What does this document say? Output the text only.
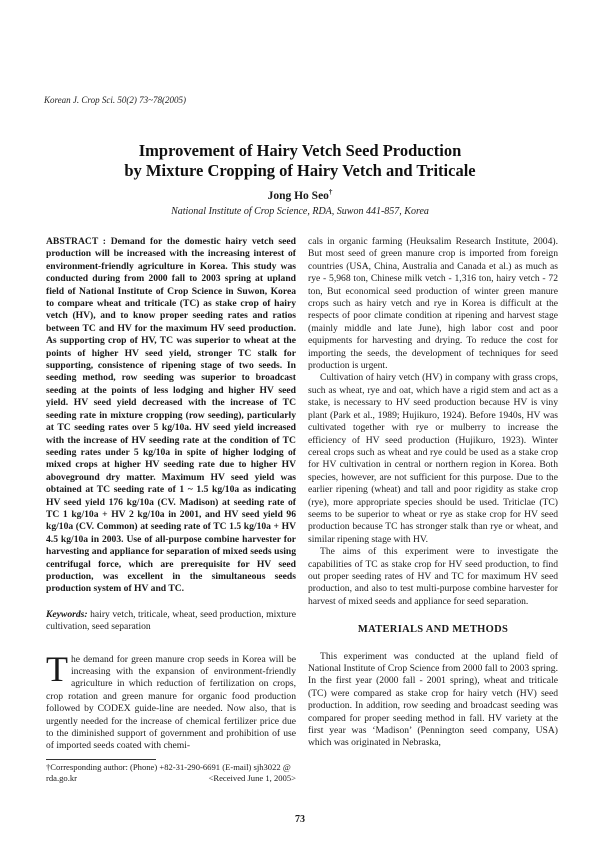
Korean J. Crop Sci. 50(2) 73~78(2005)
Improvement of Hairy Vetch Seed Production
by Mixture Cropping of Hairy Vetch and Triticale
Jong Ho Seo†
National Institute of Crop Science, RDA, Suwon 441-857, Korea

ABSTRACT : Demand for the domestic hairy vetch seed production will be increased with the increasing interest of environment-friendly agriculture in Korea. This study was conducted during from 2000 fall to 2003 spring at upland field of National Institute of Crop Science in Suwon, Korea to compare wheat and triticale (TC) as stake crop of hairy vetch (HV), and to know proper seeding rates and ratios between TC and HV for the maximum HV seed production. As supporting crop of HV, TC was superior to wheat at the points of higher HV seed yield, stronger TC stalk for supporting, consistence of ripening stage of two seeds. In seeding method, row seeding was superior to broadcast seeding at the points of less lodging and higher HV seed yield. HV seed yield decreased with the increase of TC seeding rate in mixture cropping (row seeding), particularly at TC seeding rates over 5 kg/10a. HV seed yield increased with the increase of HV seeding rate at the condition of TC seeding rates under 5 kg/10a in spite of higher lodging of mixed crops at higher HV seeding rate due to higher HV aboveground dry matter. Maximum HV seed yield was obtained at TC seeding rate of 1 ~ 1.5 kg/10a as indicating HV seed yield 176 kg/10a (CV. Madison) at seeding rate of TC 1 kg/10a + HV 2 kg/10a in 2001, and HV seed yield 96 kg/10a (CV. Common) at seeding rate of TC 1.5 kg/10a + HV 4.5 kg/10a in 2003. Use of all-purpose combine harvester for harvesting and appliance for separation of mixed seeds using centrifugal force, which are prerequisite for HV seed production, was excellent in the simultaneous seeds production system of HV and TC.

Keywords: hairy vetch, triticale, wheat, seed production, mixture cultivation, seed separation

The demand for green manure crop seeds in Korea will be increasing with the expansion of environment-friendly agriculture in which reduction of fertilization on crops, crop rotation and green manure for organic food production followed by CODEX guide-line are needed. Now also, that is urgently needed for the increase of chemical fertilizer price due to the diminished support of government and prohibition of use of imported seeds coated with chemi-

†Corresponding author: (Phone) +82-31-290-6691 (E-mail) sjh3022 @ rda.go.kr	<Received June 1, 2005>

cals in organic farming (Heuksalim Research Institute, 2004). But most seed of green manure crop is imported from foreign countries (USA, China, Australia and Canada et al.) as much as rye - 5,968 ton, Chinese milk vetch - 1,316 ton, hairy vetch - 72 ton, But economical seed production of winter green manure crops such as hairy vetch and rye in Korea is difficult at the respects of poor climate condition at ripening and harvest stage (mainly middle and late June), high labor cost and poor equipments for harvesting and drying. To reduce the cost for importing the seeds, the development of techniques for seed production is urgent.

Cultivation of hairy vetch (HV) in company with grass crops, such as wheat, rye and oat, which have a rigid stem and act as a stake, is necessary to HV seed production because HV is viny plant (Park et al., 1989; Hujikuro, 1924). Before 1940s, HV was cultivated together with rye or mulberry to increase the efficiency of HV seed production (Hujikuro, 1923). Winter cereal crops such as wheat and rye could be used as a stake crop for HV cultivation in central or northern region in Korea. Both species, however, are not sufficient for this purpose. Due to the earlier ripening (wheat) and tall and poor rigidity as stake crop (rye), more appropriate species should be used. Triticlae (TC) seems to be superior to wheat or rye as stake crop for HV seed production because TC has stronger stalk than rye or wheat, and similar ripening stage with HV.

The aims of this experiment were to investigate the capabilities of TC as stake crop for HV seed production, to find out proper seeding rates of HV and TC for maximum HV seed production, and also to test multi-purpose combine harvester for harvest of mixed seeds and appliance for seed separation.

MATERIALS AND METHODS

This experiment was conducted at the upland field of National Institute of Crop Science from 2000 fall to 2003 spring. In the first year (2000 fall - 2001 spring), wheat and triticale (TC) were compared as stake crop for hairy vetch (HV) seed production. In addition, row seeding and broadcast seeding was compared for proper seeding method in fall. HV variety at the first year was ‘Madison’ (Pennington seed company, USA) which was originated in Nebraska,

73
